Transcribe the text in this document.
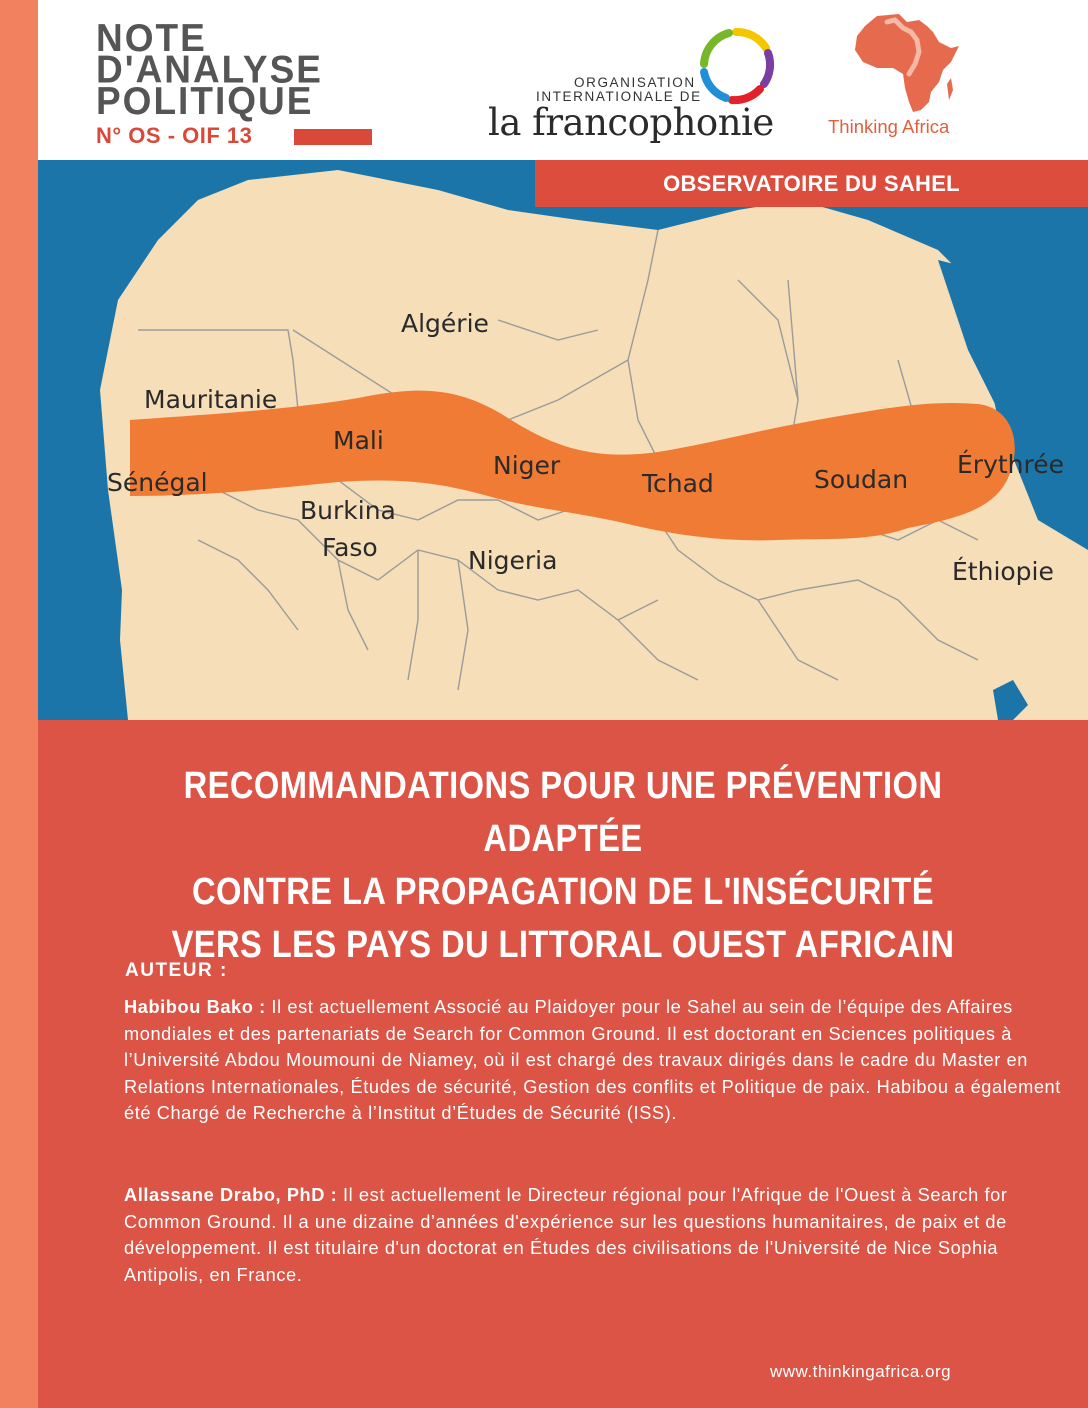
NOTE
D'ANALYSE
POLITIQUE
N° OS - OIF 13
ORGANISATION
INTERNATIONALE DE
la francophonie	Thinking Africa
OBSERVATOIRE DU SAHEL
Algérie
Mauritanie
Mali
Sénégal
Niger
Tchad	Soudan
Érythrée
Burkina
Faso	Nigeria	Éthiopie
RECOMMANDATIONS POUR UNE PRÉVENTION ADAPTÉE
CONTRE LA PROPAGATION DE L'INSÉCURITÉ
VERS LES PAYS DU LITTORAL OUEST AFRICAIN
AUTEUR :
Habibou Bako : Il est actuellement Associé au Plaidoyer pour le Sahel au sein de l’équipe des Affaires mondiales et des partenariats de Search for Common Ground. Il est doctorant en Sciences politiques à l’Université Abdou Moumouni de Niamey, où il est chargé des travaux dirigés dans le cadre du Master en Relations Internationales, Études de sécurité, Gestion des conflits et Politique de paix. Habibou a également été Chargé de Recherche à l’Institut d’Études de Sécurité (ISS).
Allassane Drabo, PhD : Il est actuellement le Directeur régional pour l'Afrique de l'Ouest à Search for Common Ground. Il a une dizaine d’années d'expérience sur les questions humanitaires, de paix et de développement. Il est titulaire d'un doctorat en Études des civilisations de l'Université de Nice Sophia Antipolis, en France.
www.thinkingafrica.org
